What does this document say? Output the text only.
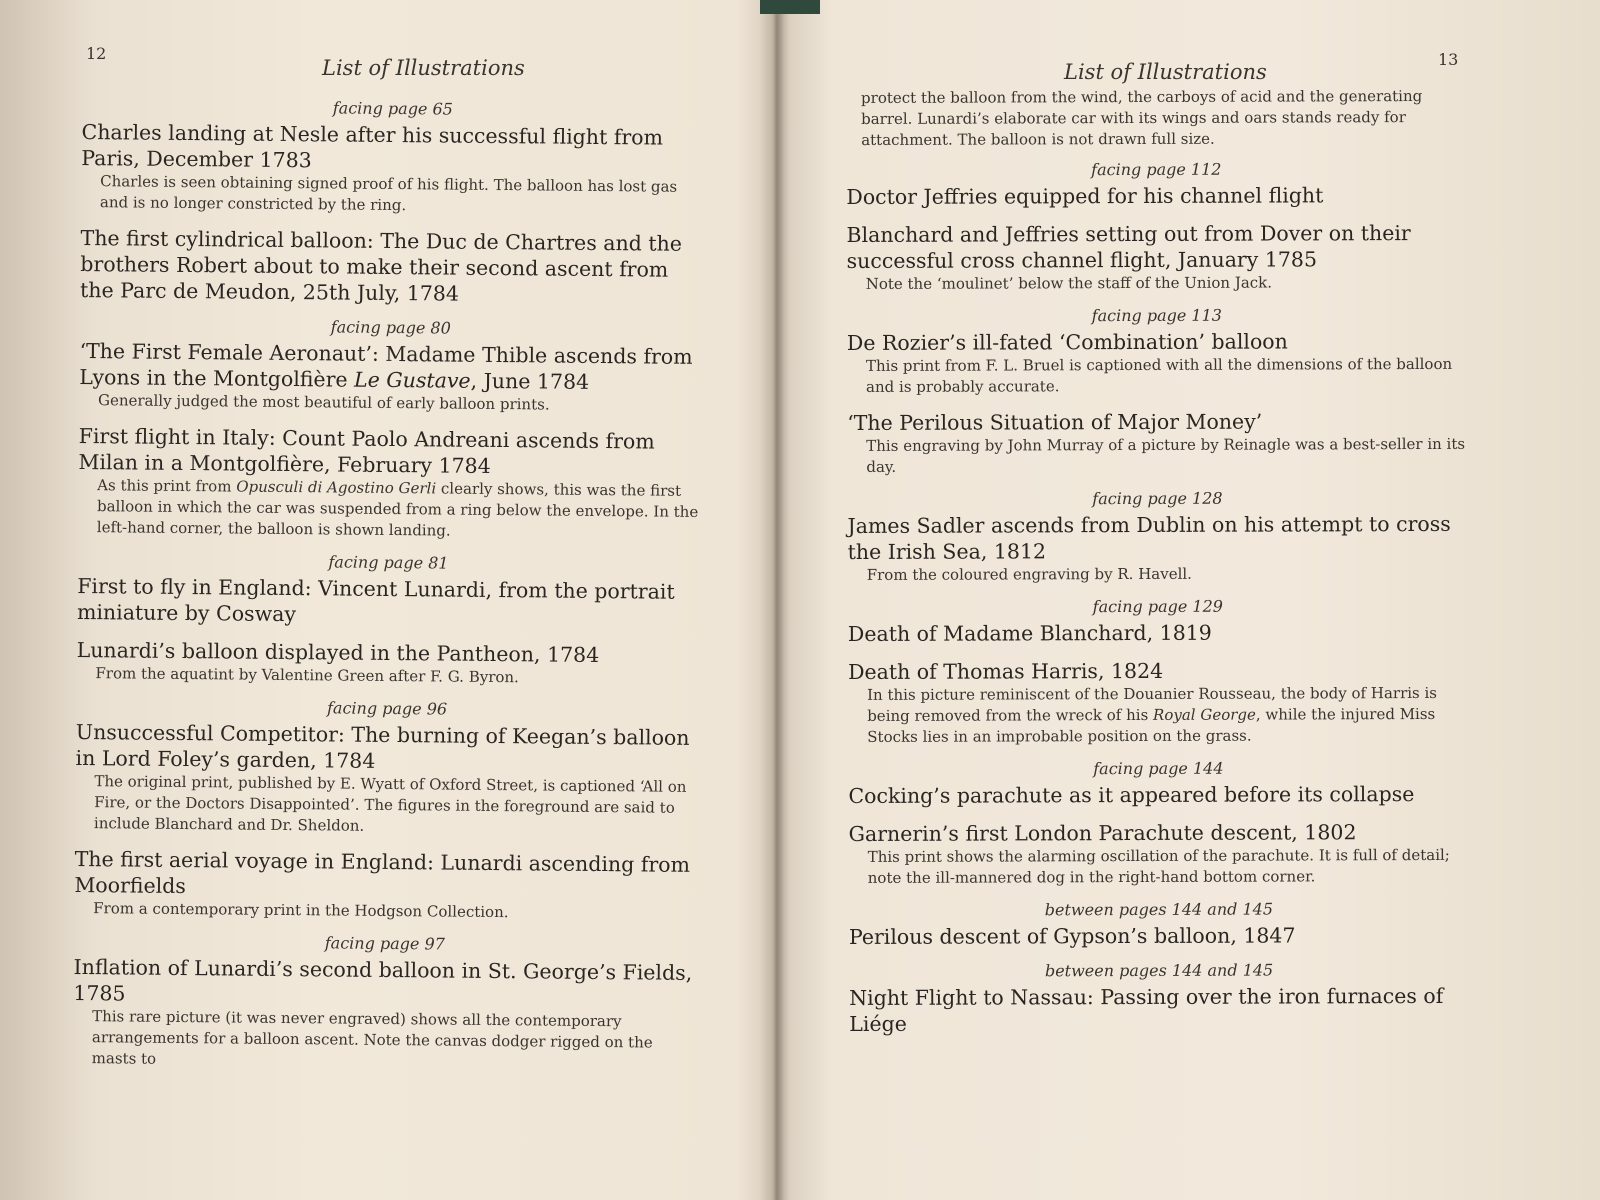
12
List of Illustrations
facing page 65
Charles landing at Nesle after his successful flight from Paris, December 1783
Charles is seen obtaining signed proof of his flight. The balloon has lost gas and is no longer constricted by the ring.
The first cylindrical balloon: The Duc de Chartres and the brothers Robert about to make their second ascent from the Parc de Meudon, 25th July, 1784
facing page 80
‘The First Female Aeronaut’: Madame Thible ascends from Lyons in the Montgolfière Le Gustave, June 1784
Generally judged the most beautiful of early balloon prints.
First flight in Italy: Count Paolo Andreani ascends from Milan in a Montgolfière, February 1784
As this print from Opusculi di Agostino Gerli clearly shows, this was the first balloon in which the car was suspended from a ring below the envelope. In the left-hand corner, the balloon is shown landing.
facing page 81
First to fly in England: Vincent Lunardi, from the portrait miniature by Cosway
Lunardi’s balloon displayed in the Pantheon, 1784
From the aquatint by Valentine Green after F. G. Byron.
facing page 96
Unsuccessful Competitor: The burning of Keegan’s balloon in Lord Foley’s garden, 1784
The original print, published by E. Wyatt of Oxford Street, is captioned ‘All on Fire, or the Doctors Disappointed’. The figures in the foreground are said to include Blanchard and Dr. Sheldon.
The first aerial voyage in England: Lunardi ascending from Moorfields
From a contemporary print in the Hodgson Collection.
facing page 97
Inflation of Lunardi’s second balloon in St. George’s Fields, 1785
This rare picture (it was never engraved) shows all the contemporary arrangements for a balloon ascent. Note the canvas dodger rigged on the masts to
13
List of Illustrations
protect the balloon from the wind, the carboys of acid and the generating barrel. Lunardi’s elaborate car with its wings and oars stands ready for attachment. The balloon is not drawn full size.
facing page 112
Doctor Jeffries equipped for his channel flight
Blanchard and Jeffries setting out from Dover on their successful cross channel flight, January 1785
Note the ‘moulinet’ below the staff of the Union Jack.
facing page 113
De Rozier’s ill-fated ‘Combination’ balloon
This print from F. L. Bruel is captioned with all the dimensions of the balloon and is probably accurate.
‘The Perilous Situation of Major Money’
This engraving by John Murray of a picture by Reinagle was a best-seller in its day.
facing page 128
James Sadler ascends from Dublin on his attempt to cross the Irish Sea, 1812
From the coloured engraving by R. Havell.
facing page 129
Death of Madame Blanchard, 1819
Death of Thomas Harris, 1824
In this picture reminiscent of the Douanier Rousseau, the body of Harris is being removed from the wreck of his Royal George, while the injured Miss Stocks lies in an improbable position on the grass.
facing page 144
Cocking’s parachute as it appeared before its collapse
Garnerin’s first London Parachute descent, 1802
This print shows the alarming oscillation of the parachute. It is full of detail; note the ill-mannered dog in the right-hand bottom corner.
between pages 144 and 145
Perilous descent of Gypson’s balloon, 1847
between pages 144 and 145
Night Flight to Nassau: Passing over the iron furnaces of Liége
